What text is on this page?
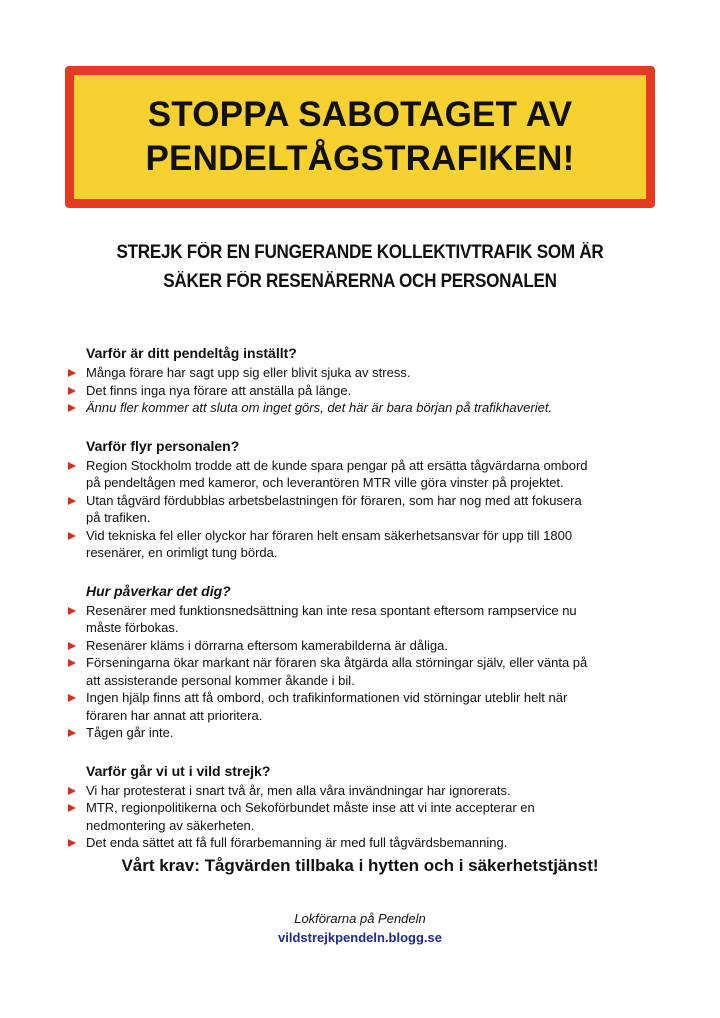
STOPPA SABOTAGET AV
PENDELTÅGSTRAFIKEN!
STREJK FÖR EN FUNGERANDE KOLLEKTIVTRAFIK SOM ÄR
SÄKER FÖR RESENÄRERNA OCH PERSONALEN
Varför är ditt pendeltåg inställt?
Många förare har sagt upp sig eller blivit sjuka av stress.
Det finns inga nya förare att anställa på länge.
Ännu fler kommer att sluta om inget görs, det här är bara början på trafikhaveriet.
Varför flyr personalen?
Region Stockholm trodde att de kunde spara pengar på att ersätta tågvärdarna ombord
på pendeltågen med kameror, och leverantören MTR ville göra vinster på projektet.
Utan tågvärd fördubblas arbetsbelastningen för föraren, som har nog med att fokusera
på trafiken.
Vid tekniska fel eller olyckor har föraren helt ensam säkerhetsansvar för upp till 1800
resenärer, en orimligt tung börda.
Hur påverkar det dig?
Resenärer med funktionsnedsättning kan inte resa spontant eftersom rampservice nu
måste förbokas.
Resenärer kläms i dörrarna eftersom kamerabilderna är dåliga.
Förseningarna ökar markant när föraren ska åtgärda alla störningar själv, eller vänta på
att assisterande personal kommer åkande i bil.
Ingen hjälp finns att få ombord, och trafikinformationen vid störningar uteblir helt när
föraren har annat att prioritera.
Tågen går inte.
Varför går vi ut i vild strejk?
Vi har protesterat i snart två år, men alla våra invändningar har ignorerats.
MTR, regionpolitikerna och Sekoförbundet måste inse att vi inte accepterar en
nedmontering av säkerheten.
Det enda sättet att få full förarbemanning är med full tågvärdsbemanning.
Vårt krav: Tågvärden tillbaka i hytten och i säkerhetstjänst!
Lokförarna på Pendeln
vildstrejkpendeln.blogg.se
